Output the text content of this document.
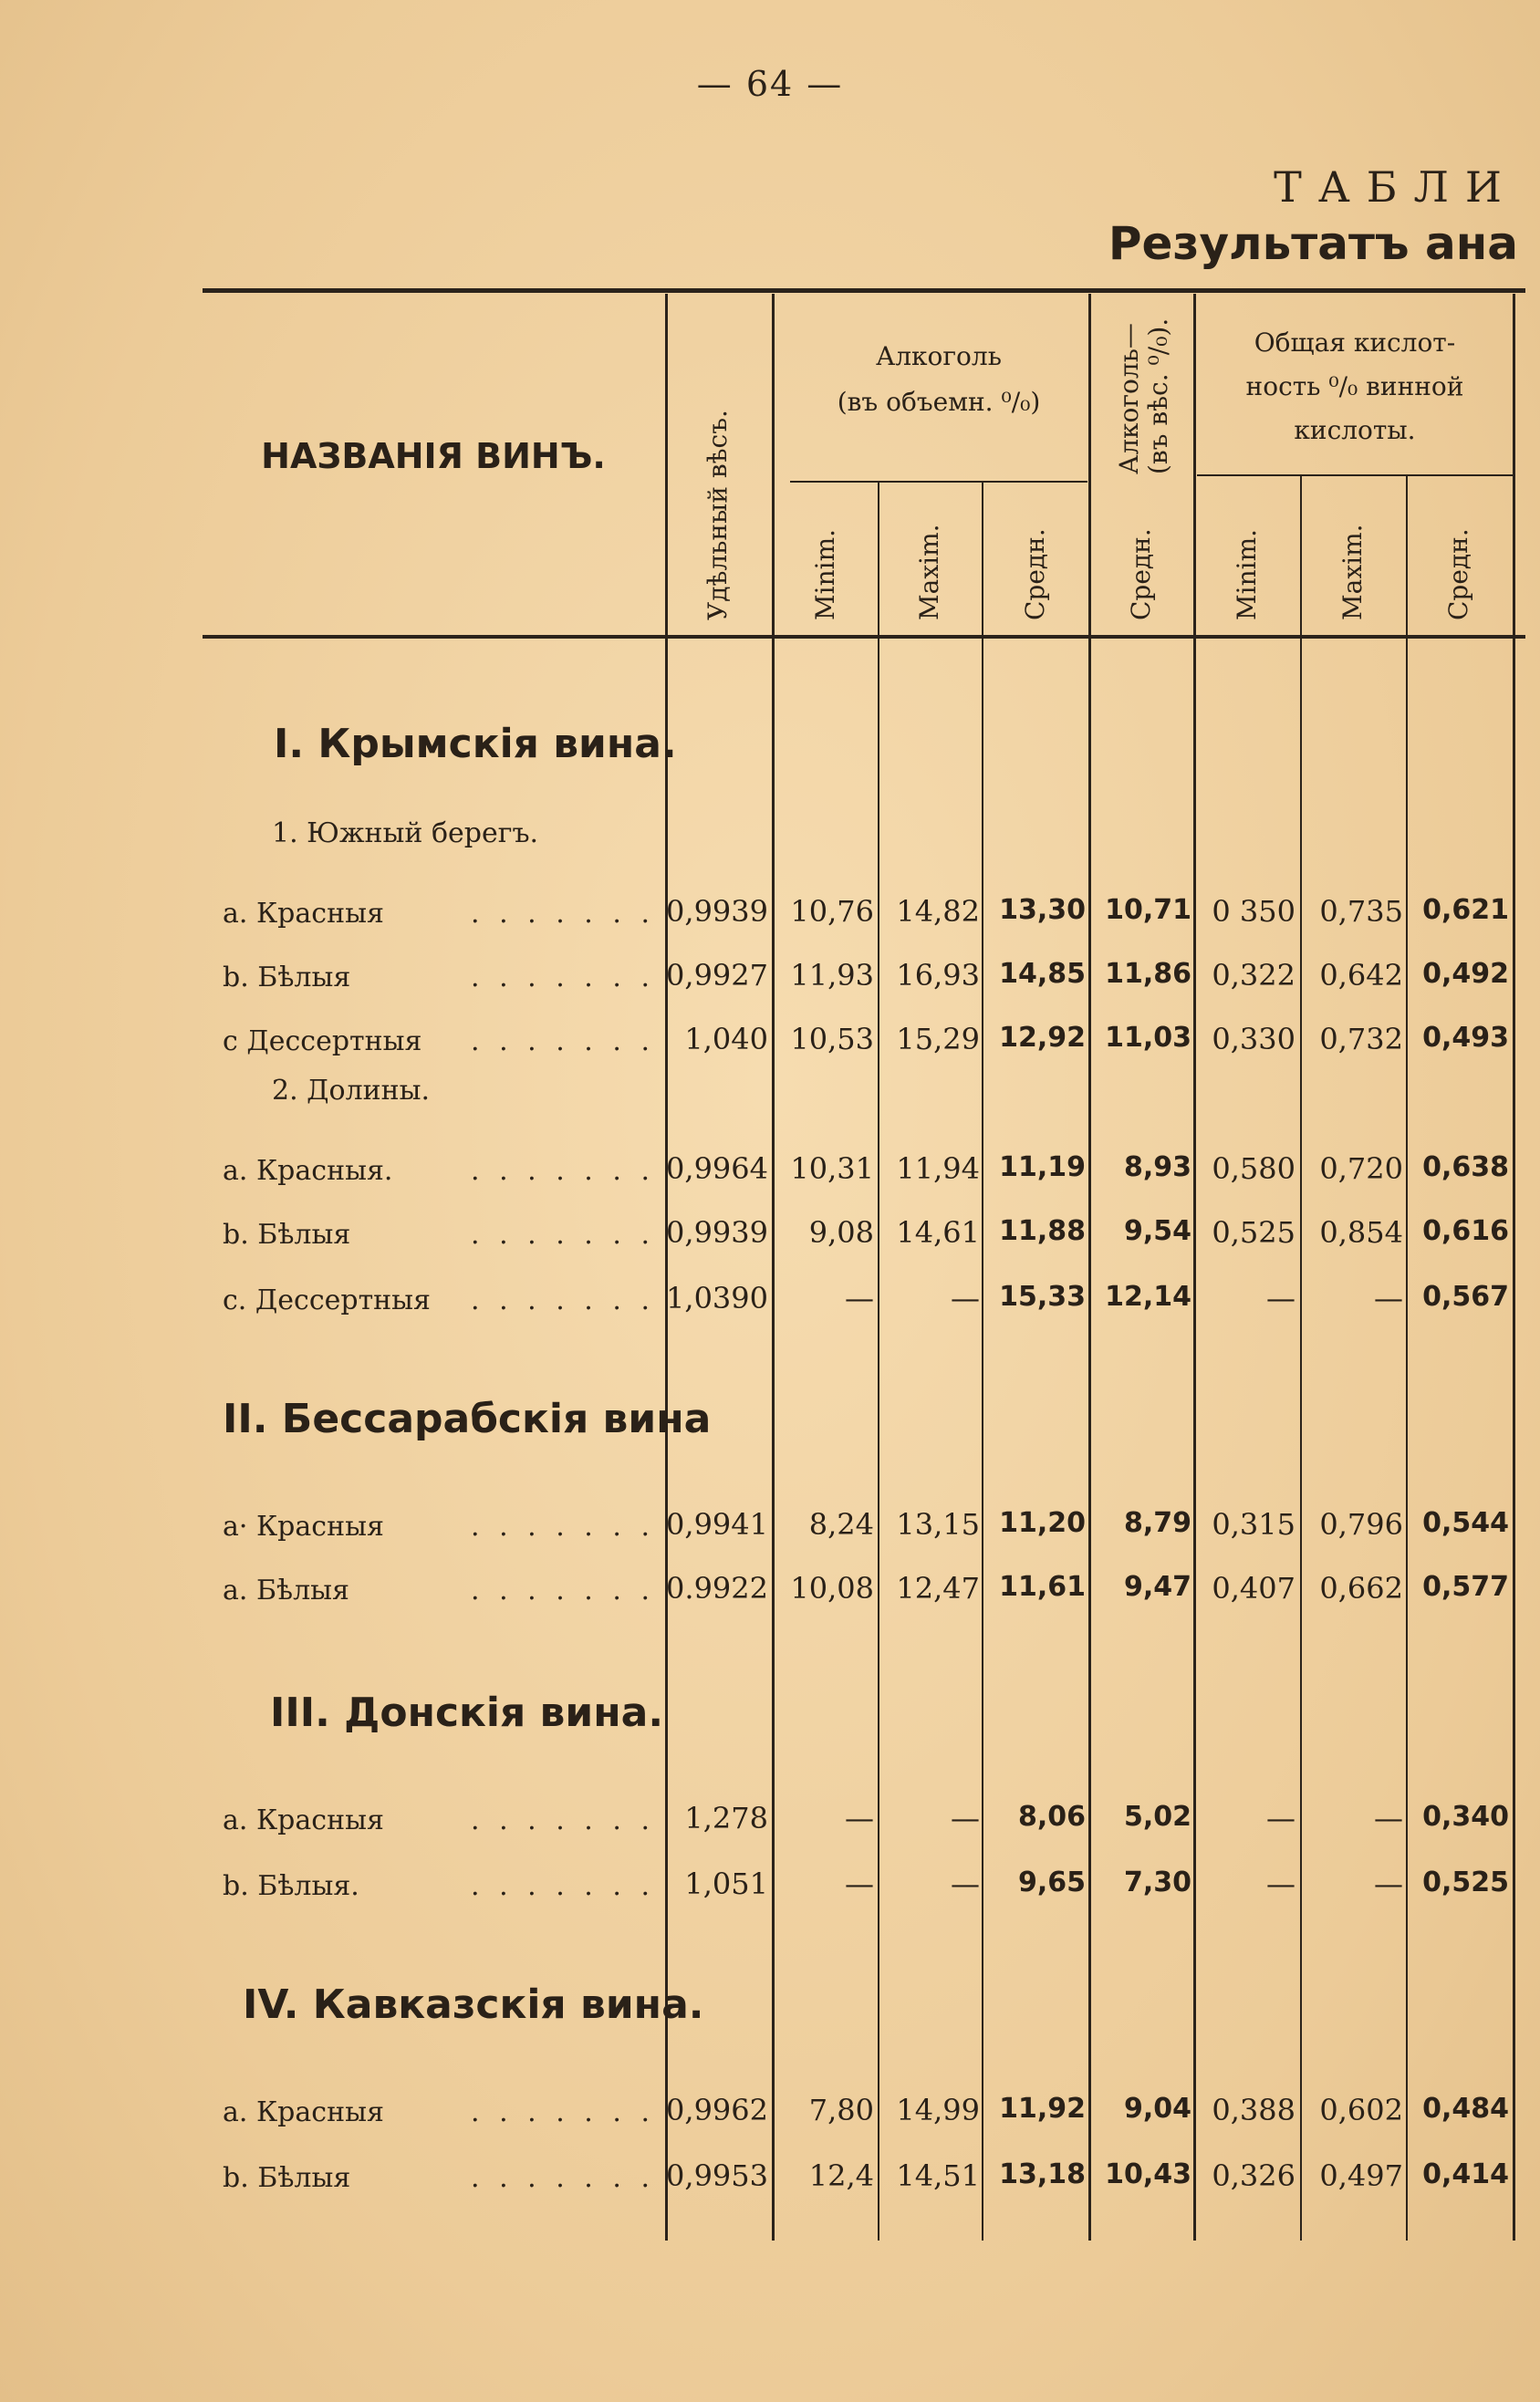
— 64 —
ТАБЛИ
Результатъ ана
НАЗВАНІЯ ВИНЪ.	Удѣльный вѣсъ.
Алкоголь
(въ объемн. ⁰/₀)	Алкоголь— (въ вѣс. ⁰/₀).	Общая кислот-
ность ⁰/₀ винной
кислоты.
Minim.	Maxim.	Средн.	Средн.	Minim.	Maxim.	Средн.
I. Крымскія вина.
1. Южный берегъ.
2. Долины.
II. Бессарабскія вина
III. Донскія вина.
IV. Кавказскія вина.
a. Красныя	. . . . . . . 0,9939 10,76 14,82 13,30 10,71 0 350 0,735 0,621
b. Бѣлыя	. . . . . . . 0,9927 11,93 16,93 14,85 11,86 0,322 0,642 0,492
c Дессертныя . . . . . . . 1,040 10,53 15,29 12,92 11,03 0,330 0,732 0,493
a. Красныя.	. . . . . . . 0,9964 10,31 11,94 11,19 8,93 0,580 0,720 0,638
b. Бѣлыя	. . . . . . . 0,9939 9,08 14,61 11,88 9,54 0,525 0,854 0,616
c. Дессертныя . . . . . . . 1,0390	—	— 15,33 12,14	—	— 0,567
a· Красныя	. . . . . . . 0,9941 8,24 13,15 11,20 8,79 0,315 0,796 0,544
a. Бѣлыя	. . . . . . . 0.9922 10,08 12,47 11,61 9,47 0,407 0,662 0,577
a. Красныя	. . . . . . . 1,278	—	— 8,06 5,02	—	— 0,340
b. Бѣлыя.	. . . . . . . 1,051	—	— 9,65 7,30	—	— 0,525
a. Красныя	. . . . . . . 0,9962 7,80 14,99 11,92 9,04 0,388 0,602 0,484
b. Бѣлыя	. . . . . . . 0,9953 12,4 14,51 13,18 10,43 0,326 0,497 0,414
